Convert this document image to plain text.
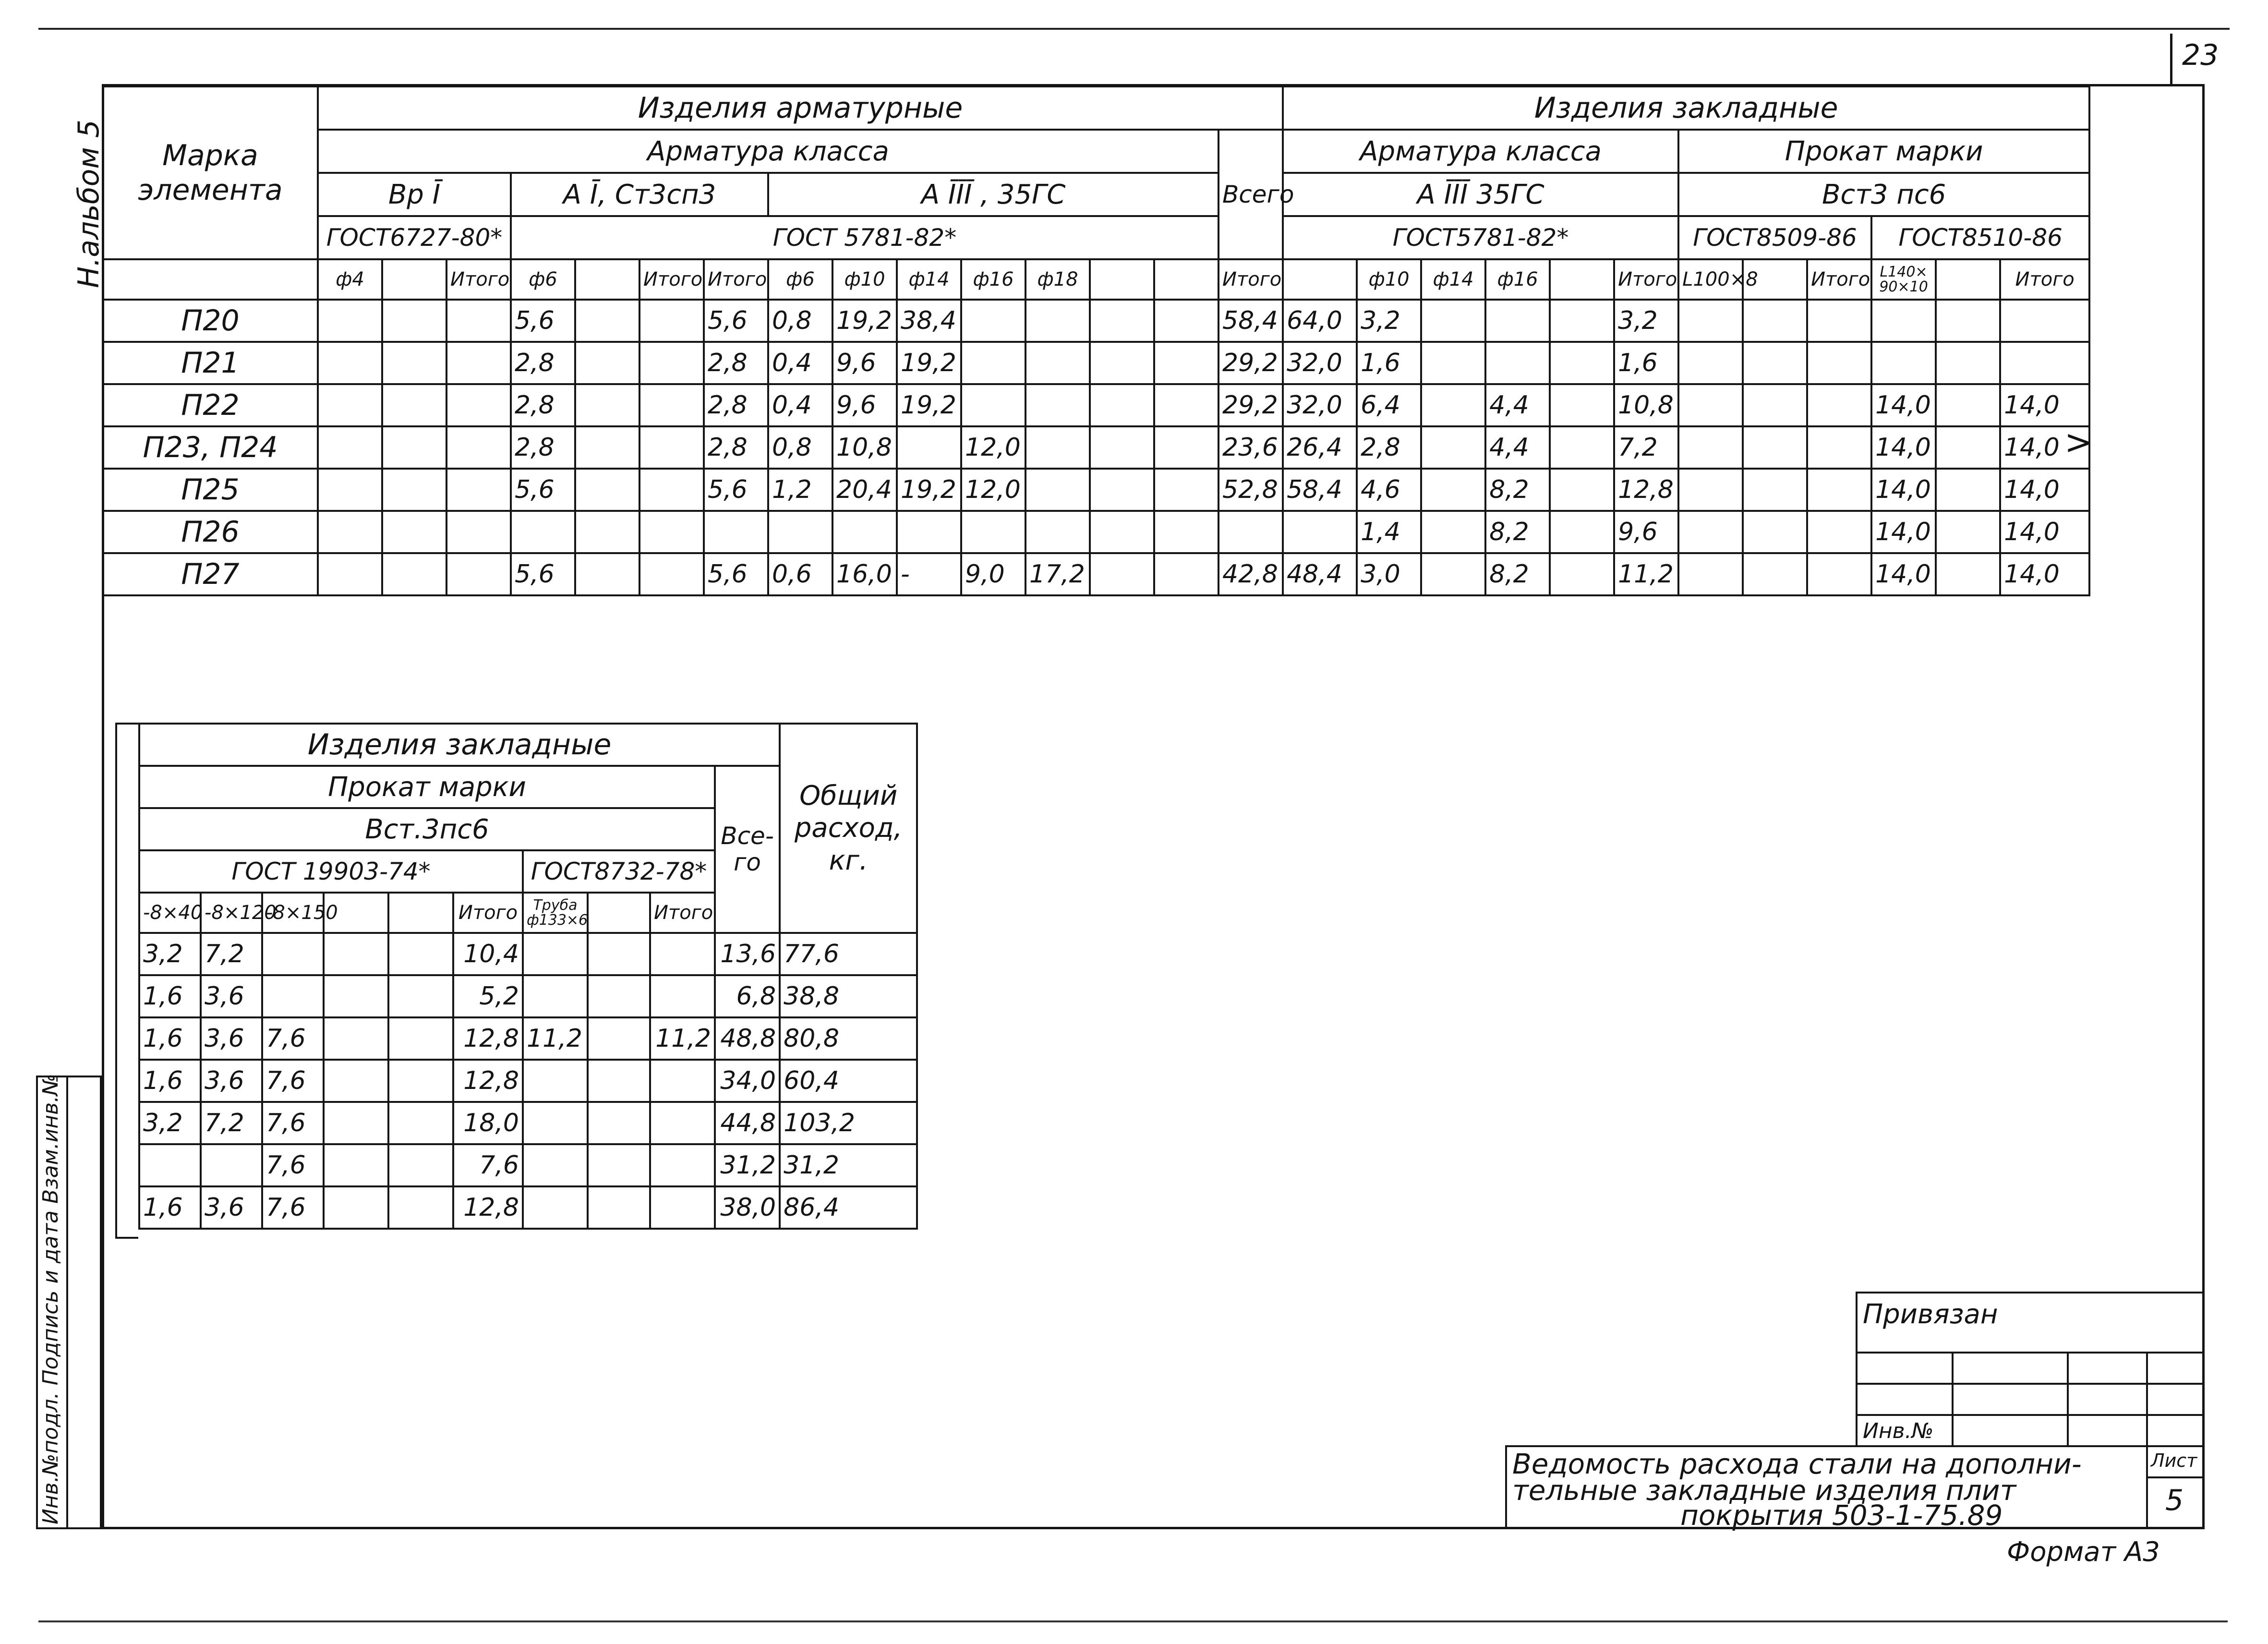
23
Н.альбом 5
Инв.№подл. Подпись и дата Взам.инв.№
Марка элемента	Изделия арматурные															Изделия закладные											
	Арматура класса														Всего	Арматура класса						Прокат марки					
	Вр Ī			А Ī, Ст3сп3				А ĪĪĪ , 35ГС								А ĪĪĪ 35ГС						Вст3 пс6					
	ГОСТ6727-80*			ГОСТ 5781-82*												ГОСТ5781-82*						ГОСТ8509-86			ГОСТ8510-86		
	ф4		Итого	ф6		Итого	Итого	ф6	ф10	ф14	ф16	ф18			Итого		ф10	ф14	ф16		Итого	L100×8		Итого	L140× 90×10		Итого
П20				5,6			5,6	0,8	19,2	38,4					58,4	64,0	3,2				3,2						
П21				2,8			2,8	0,4	9,6	19,2					29,2	32,0	1,6				1,6						
П22				2,8			2,8	0,4	9,6	19,2					29,2	32,0	6,4		4,4		10,8				14,0		14,0
П23, П24				2,8			2,8	0,8	10,8		12,0				23,6	26,4	2,8		4,4		7,2				14,0		14,0
П25				5,6			5,6	1,2	20,4	19,2	12,0				52,8	58,4	4,6		8,2		12,8				14,0		14,0
П26																	1,4		8,2		9,6				14,0		14,0
П27				5,6			5,6	0,6	16,0	-	9,0	17,2			42,8	48,4	3,0		8,2		11,2				14,0		14,0
>
Изделия закладные										Общий расход, кг.
Прокат марки									Все- го	
Вст.3пс6										
ГОСТ 19903-74*						ГОСТ8732-78*				
-8×40	-8×120	-8×150			Итого	Труба ф133×6		Итого		
3,2	7,2				10,4				13,6	77,6
1,6	3,6				5,2				6,8	38,8
1,6	3,6	7,6			12,8	11,2		11,2	48,8	80,8
1,6	3,6	7,6			12,8				34,0	60,4
3,2	7,2	7,6			18,0				44,8	103,2
		7,6			7,6				31,2	31,2
1,6	3,6	7,6			12,8				38,0	86,4
Привязан
Инв.№
Ведомость расхода стали на дополни-
тельные закладные изделия плит
покрытия 503-1-75.89
Лист
5
Формат А3
